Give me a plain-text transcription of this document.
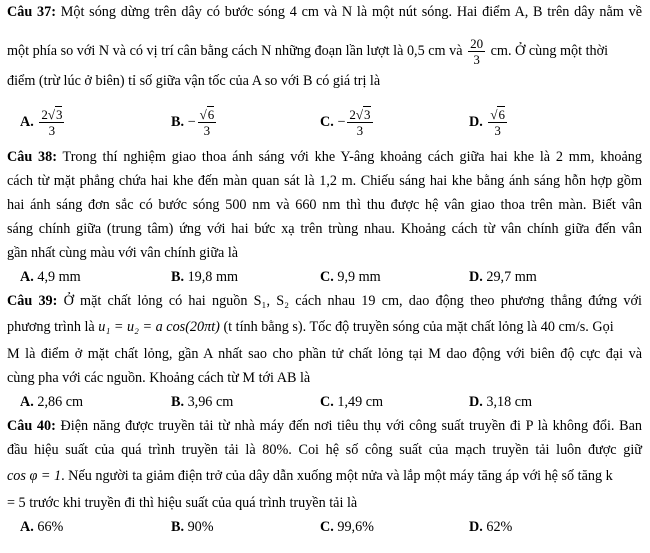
Câu 37: Một sóng dừng trên dây có bước sóng 4 cm và N là một nút sóng. Hai điểm A, B trên dây nằm về
một phía so với N và có vị trí cân bằng cách N những đoạn lần lượt là 0,5 cm và $\frac{20}{3}$ cm. Ở cùng một thời
điểm (trừ lúc ở biên) tỉ số giữa vận tốc của A so với B có giá trị là
A. $\frac{2√3}{3}$	B. − $\frac{√6}{3}$	C. − $\frac{2√3}{3}$	D. $\frac{√6}{3}$
Câu 38: Trong thí nghiệm giao thoa ánh sáng với khe Y-âng khoảng cách giữa hai khe là 2 mm, khoảng
cách từ mặt phẳng chứa hai khe đến màn quan sát là 1,2 m. Chiếu sáng hai khe bằng ánh sáng hỗn hợp gồm
hai ánh sáng đơn sắc có bước sóng 500 nm và 660 nm thì thu được hệ vân giao thoa trên màn. Biết vân
sáng chính giữa (trung tâm) ứng với hai bức xạ trên trùng nhau. Khoảng cách từ vân chính giữa đến vân
gần nhất cùng màu với vân chính giữa là
A. 4,9 mm	B. 19,8 mm	C. 9,9 mm	D. 29,7 mm
Câu 39: Ở mặt chất lỏng có hai nguồn S₁, S₂ cách nhau 19 cm, dao động theo phương thẳng đứng với
phương trình là u₁ = u₂ = a cos(20πt) (t tính bằng s). Tốc độ truyền sóng của mặt chất lỏng là 40 cm/s. Gọi
M là điểm ở mặt chất lỏng, gần A nhất sao cho phần tử chất lỏng tại M dao động với biên độ cực đại và
cùng pha với các nguồn. Khoảng cách từ M tới AB là
A. 2,86 cm	B. 3,96 cm	C. 1,49 cm	D. 3,18 cm
Câu 40: Điện năng được truyền tải từ nhà máy đến nơi tiêu thụ với công suất truyền đi P là không đổi. Ban
đầu hiệu suất của quá trình truyền tải là 80%. Coi hệ số công suất của mạch truyền tải luôn được giữ
cos φ = 1. Nếu người ta giảm điện trở của dây dẫn xuống một nửa và lắp một máy tăng áp với hệ số tăng k
= 5 trước khi truyền đi thì hiệu suất của quá trình truyền tải là
A. 66%	B. 90%	C. 99,6%	D. 62%
